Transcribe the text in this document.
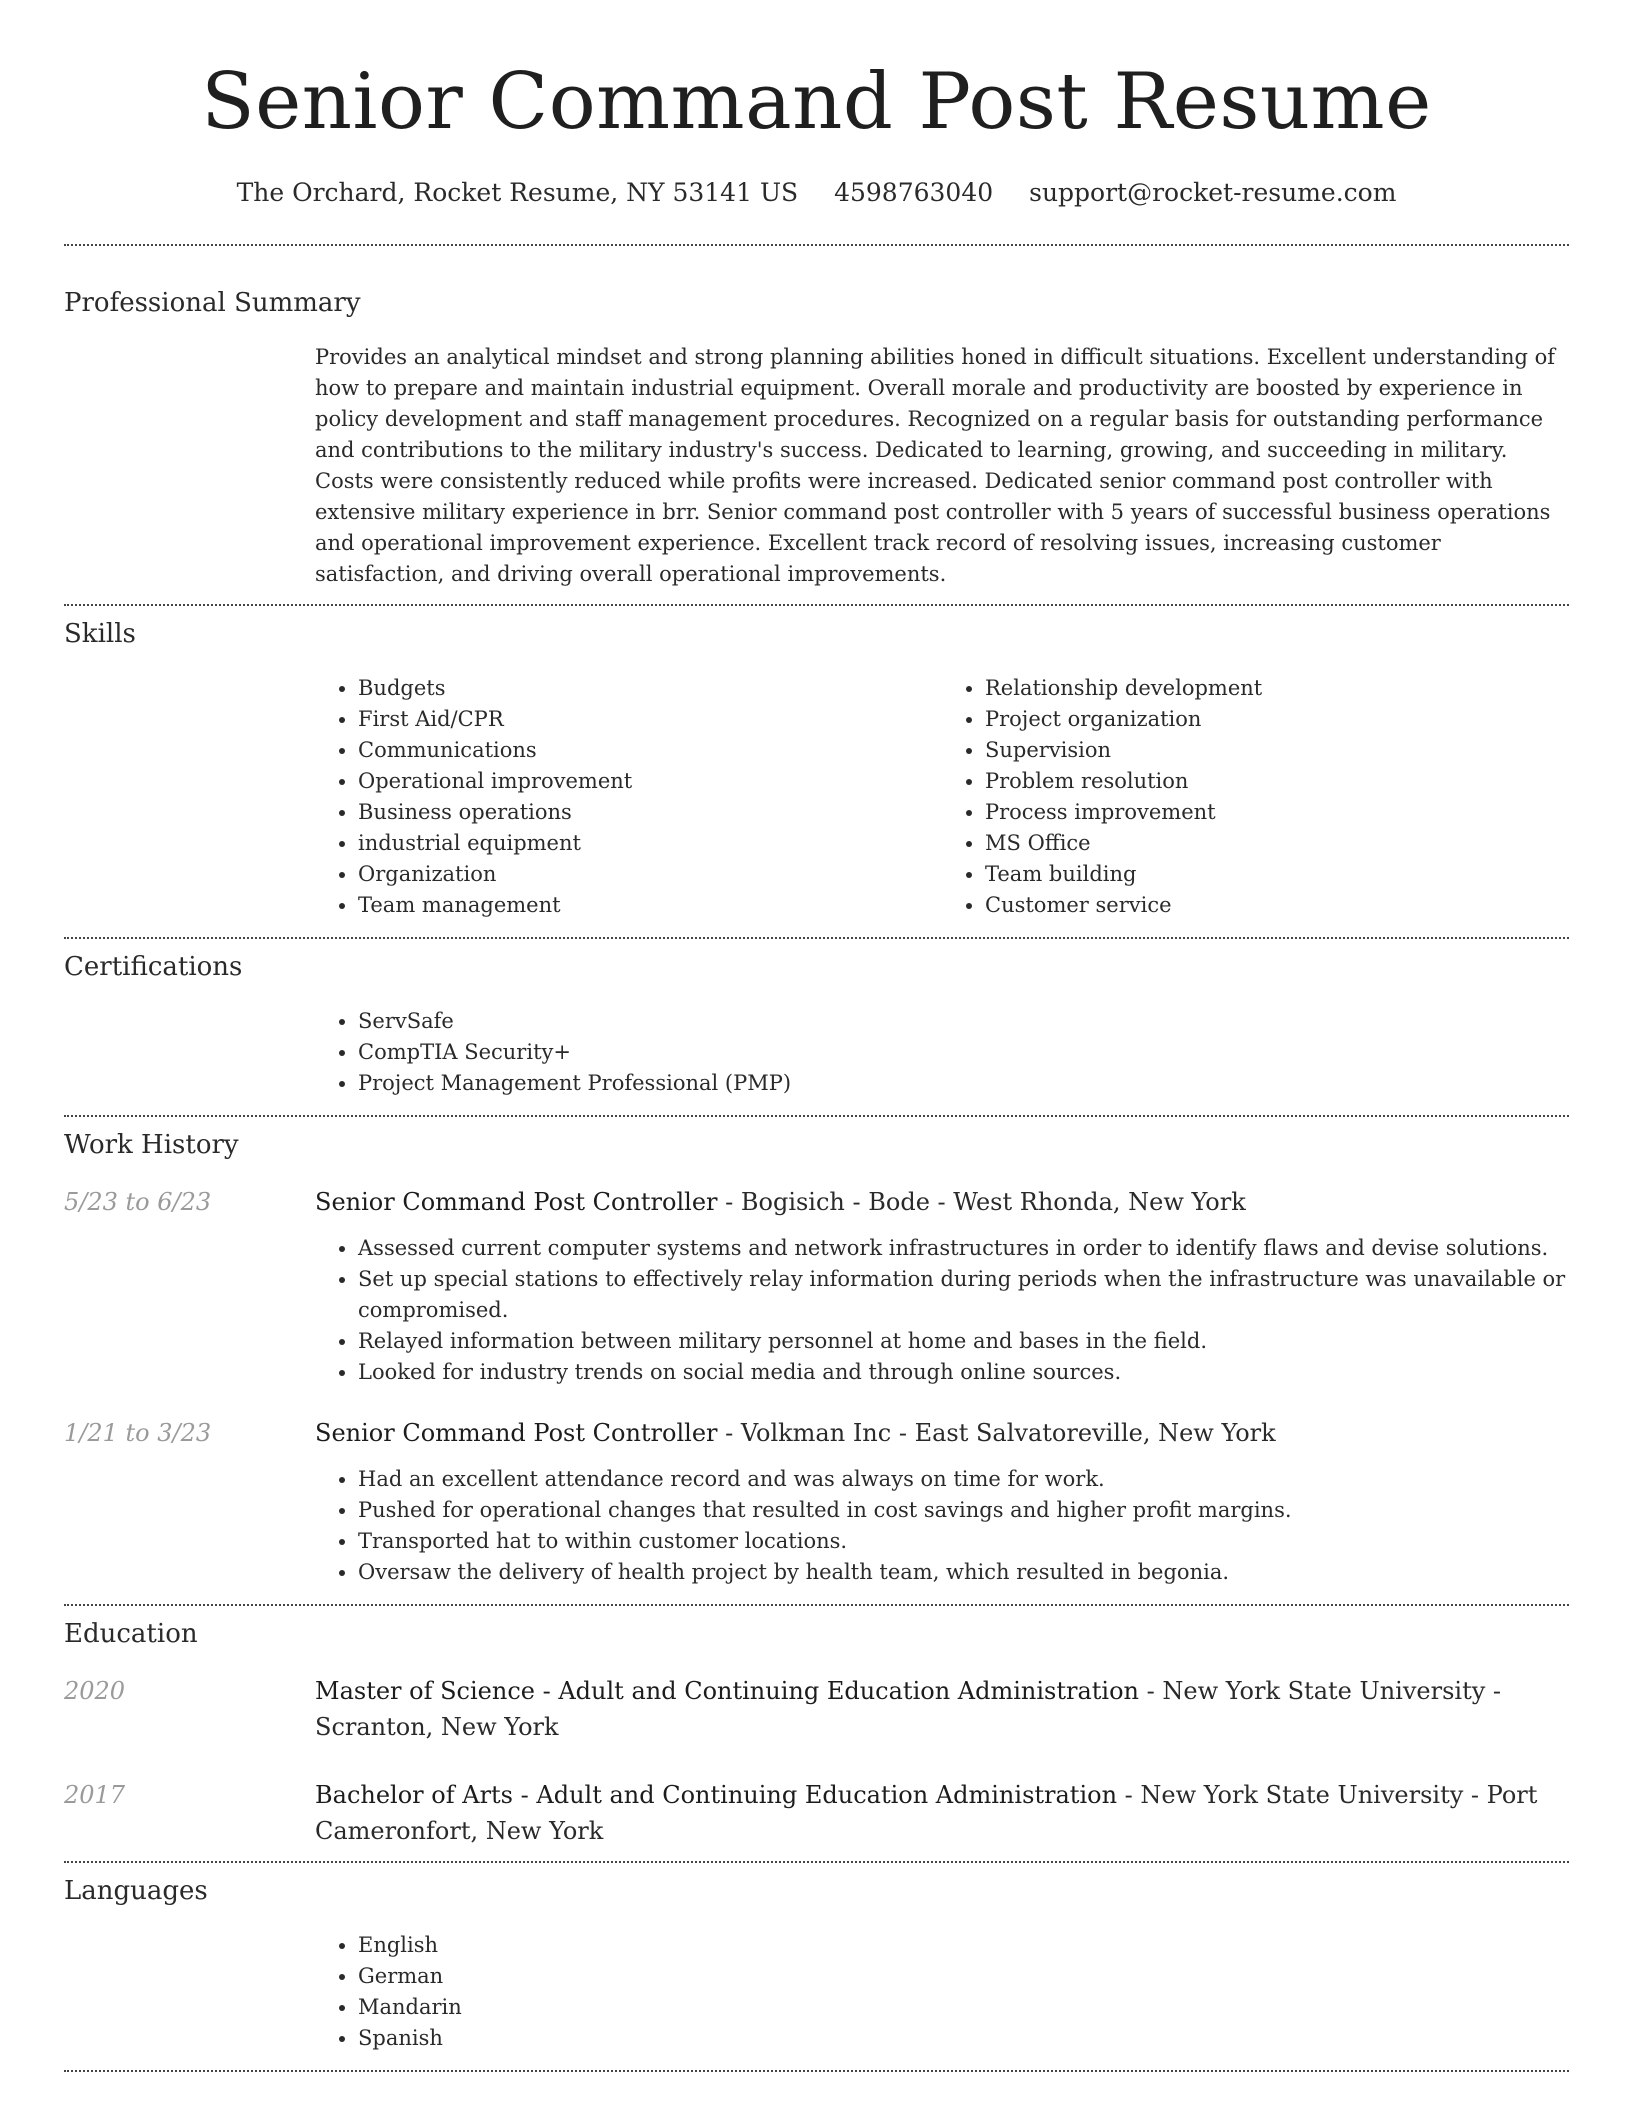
Senior Command Post Resume
The Orchard, Rocket Resume, NY 53141 US 4598763040 support@rocket-resume.com
Professional Summary

Provides an analytical mindset and strong planning abilities honed in difficult situations. Excellent understanding of how to prepare and maintain industrial equipment. Overall morale and productivity are boosted by experience in policy development and staff management procedures. Recognized on a regular basis for outstanding performance and contributions to the military industry's success. Dedicated to learning, growing, and succeeding in military. Costs were consistently reduced while profits were increased. Dedicated senior command post controller with extensive military experience in brr. Senior command post controller with 5 years of successful business operations and operational improvement experience. Excellent track record of resolving issues, increasing customer satisfaction, and driving overall operational improvements.

Skills
• Budgets
• First Aid/CPR
• Communications
• Operational improvement
• Business operations
• industrial equipment
• Organization
• Team management
• Relationship development
• Project organization
• Supervision
• Problem resolution
• Process improvement
• MS Office
• Team building
• Customer service
Certifications
• ServSafe
• CompTIA Security+
• Project Management Professional (PMP)
Work History
5/23 to 6/23	Senior Command Post Controller - Bogisich - Bode - West Rhonda, New York
• Assessed current computer systems and network infrastructures in order to identify flaws and devise solutions.
• Set up special stations to effectively relay information during periods when the infrastructure was unavailable or compromised.
• Relayed information between military personnel at home and bases in the field.
• Looked for industry trends on social media and through online sources.
1/21 to 3/23	Senior Command Post Controller - Volkman Inc - East Salvatoreville, New York
• Had an excellent attendance record and was always on time for work.
• Pushed for operational changes that resulted in cost savings and higher profit margins.
• Transported hat to within customer locations.
• Oversaw the delivery of health project by health team, which resulted in begonia.
Education
2020	Master of Science - Adult and Continuing Education Administration - New York State University - Scranton, New York
2017	Bachelor of Arts - Adult and Continuing Education Administration - New York State University - Port Cameronfort, New York
Languages
• English
• German
• Mandarin
• Spanish
